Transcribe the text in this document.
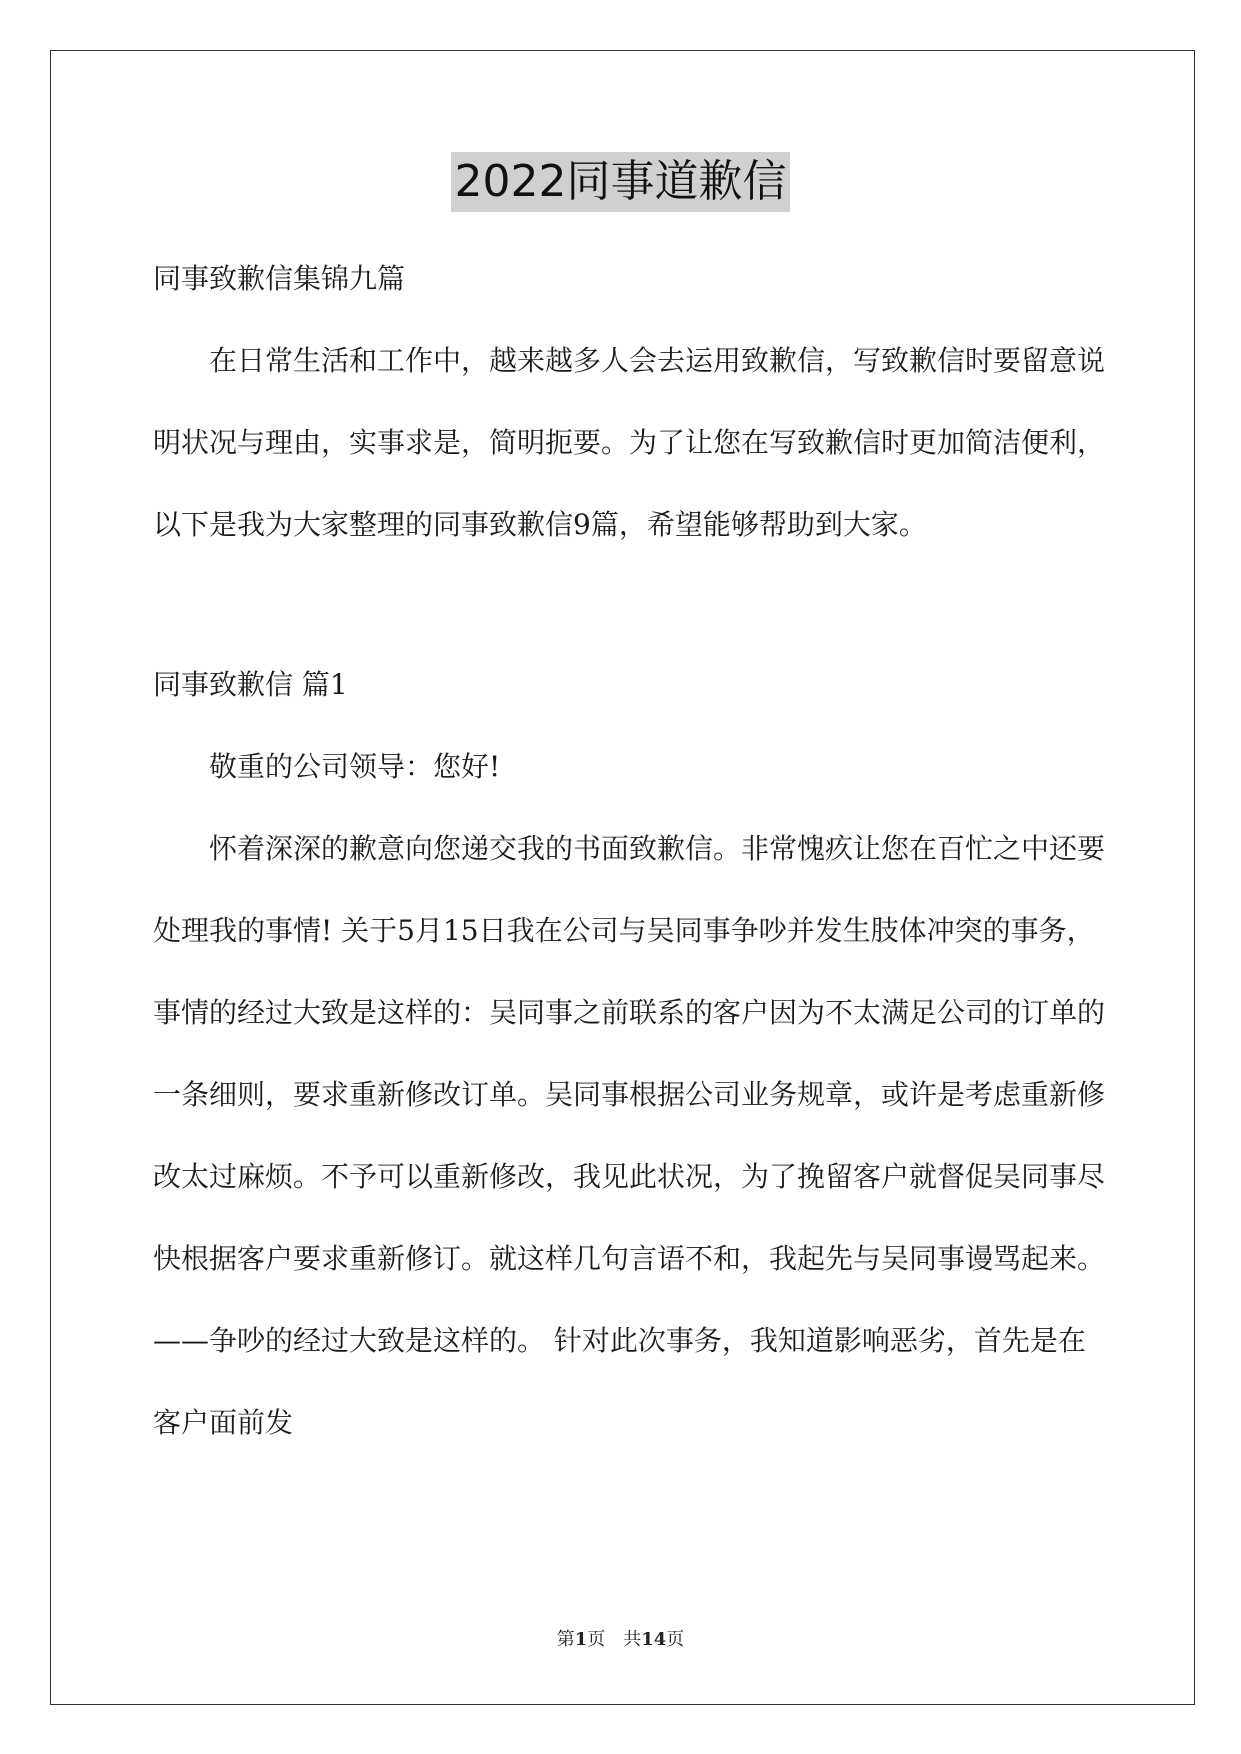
2022同事道歉信

同事致歉信集锦九篇

在日常生活和工作中，越来越多人会去运用致歉信，写致歉信时要留意说明状况与理由，实事求是，简明扼要。为了让您在写致歉信时更加简洁便利，以下是我为大家整理的同事致歉信9篇，希望能够帮助到大家。

同事致歉信 篇1

敬重的公司领导：您好!

怀着深深的歉意向您递交我的书面致歉信。非常愧疚让您在百忙之中还要处理我的事情! 关于5月15日我在公司与吴同事争吵并发生肢体冲突的事务，事情的经过大致是这样的：吴同事之前联系的客户因为不太满足公司的订单的一条细则，要求重新修改订单。吴同事根据公司业务规章，或许是考虑重新修改太过麻烦。不予可以重新修改，我见此状况，为了挽留客户就督促吴同事尽快根据客户要求重新修订。就这样几句言语不和，我起先与吴同事谩骂起来。——争吵的经过大致是这样的。 针对此次事务，我知道影响恶劣，首先是在客户面前发

第1页 共14页
